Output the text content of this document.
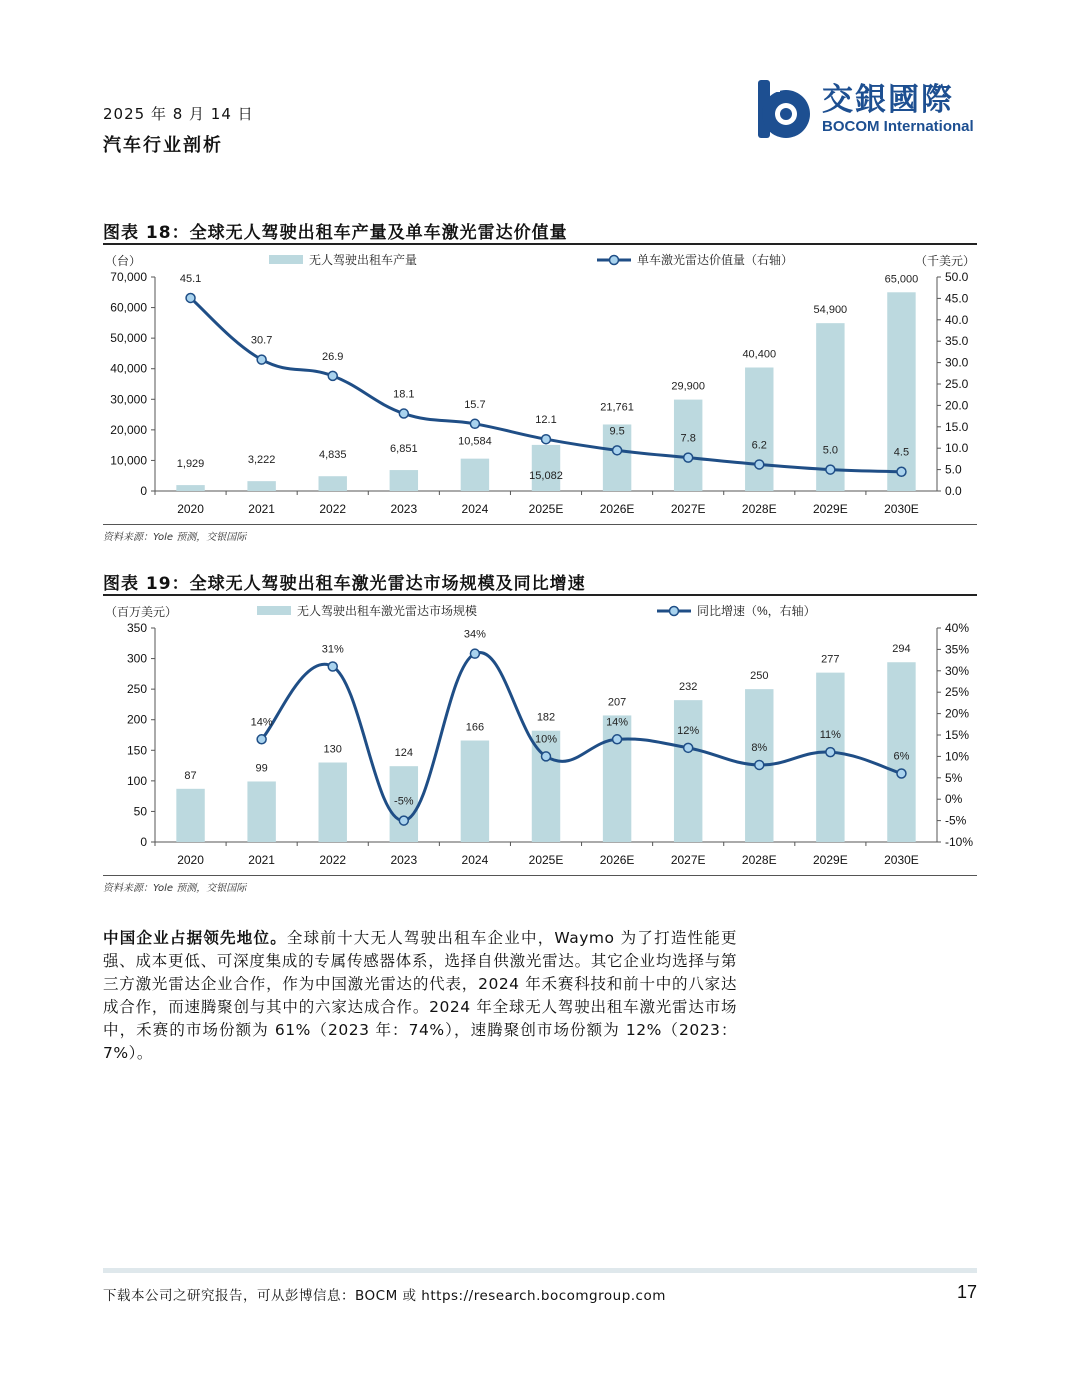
2025 年 8 月 14 日
汽车行业剖析
交銀國際
BOCOM International
图表 18：全球无人驾驶出租车产量及单车激光雷达价值量
（台）	（千美元）
无人驾驶出租车产量	单车激光雷达价值量（右轴）
0
10,000
20,000
30,000
40,000
50,000
60,000
70,000
0.0
5.0
10.0
15.0
20.0
25.0
30.0
35.0
40.0
45.0
50.0
2020	2021	2022	2023	2024	2025E	2026E	2027E	2028E	2029E	2030E
1,929	3,222	4,835
6,851
10,584
15,082
21,761
29,900
40,400
54,900
65,000
45.1
30.7
26.9
18.1
15.7
12.1
9.5
7.8
6.2	5.0	4.5
资料来源：Yole 预测，交银国际
图表 19：全球无人驾驶出租车激光雷达市场规模及同比增速
（百万美元）	无人驾驶出租车激光雷达市场规模	同比增速（%，右轴）
0
50
100
150
200
250
300
350
-10%
-5%
0%
5%
10%
15%
20%
25%
30%
35%
40%
2020	2021	2022	2023	2024	2025E	2026E	2027E	2028E	2029E	2030E
87
99
130	124
166
182
207
232
250
277
294
14%
31%
-5%
34%
10%
14%
12%
8%
11%
6%
资料来源：Yole 预测，交银国际
中国企业占据领先地位。全球前十大无人驾驶出租车企业中，Waymo 为了打造性能更强、成本更低、可深度集成的专属传感器体系，选择自供激光雷达。其它企业均选择与第三方激光雷达企业合作，作为中国激光雷达的代表，2024 年禾赛科技和前十中的八家达成合作，而速腾聚创与其中的六家达成合作。2024 年全球无人驾驶出租车激光雷达市场中，禾赛的市场份额为 61%（2023 年：74%），速腾聚创市场份额为 12%（2023：7%）。
下载本公司之研究报告，可从彭博信息：BOCM 或 https://research.bocomgroup.com	17
